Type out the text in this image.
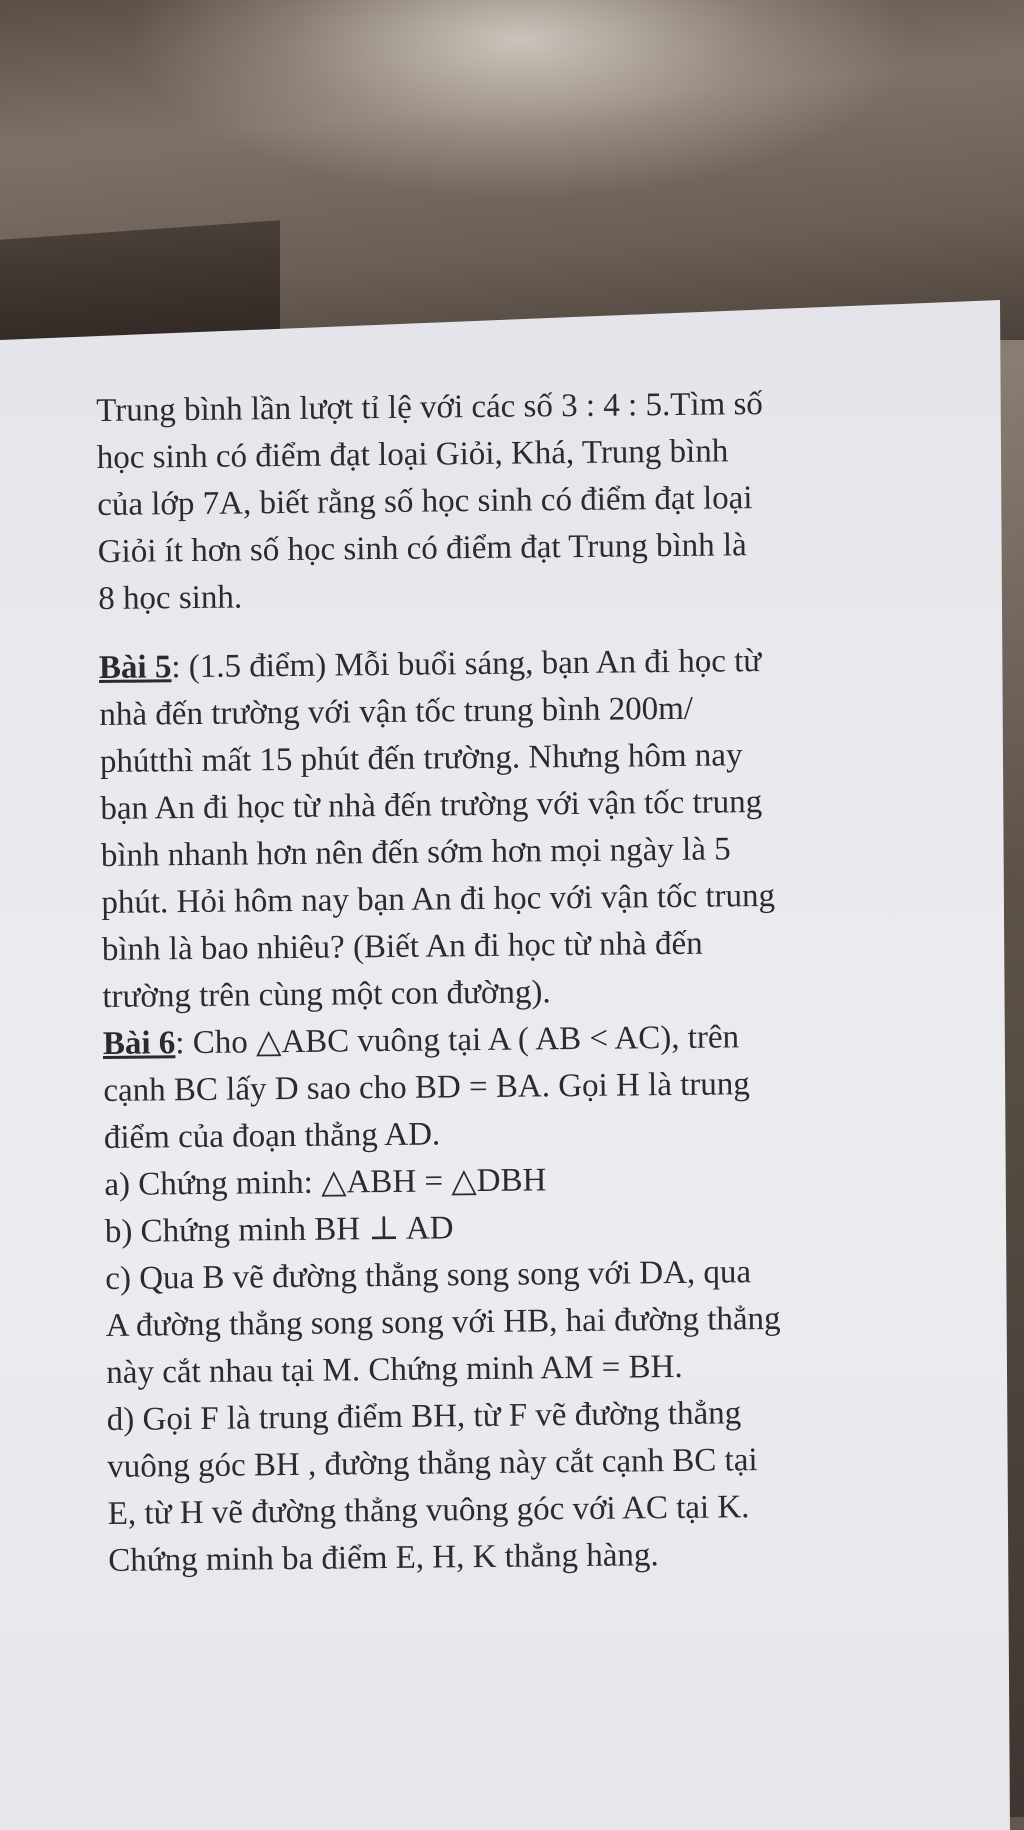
Trung bình lần lượt tỉ lệ với các số 3 : 4 : 5.Tìm số
học sinh có điểm đạt loại Giỏi, Khá, Trung bình
của lớp 7A, biết rằng số học sinh có điểm đạt loại
Giỏi ít hơn số học sinh có điểm đạt Trung bình là
8 học sinh.
Bài 5: (1.5 điểm) Mỗi buổi sáng, bạn An đi học từ
nhà đến trường với vận tốc trung bình 200m/
phútthì mất 15 phút đến trường. Nhưng hôm nay
bạn An đi học từ nhà đến trường với vận tốc trung
bình nhanh hơn nên đến sớm hơn mọi ngày là 5
phút. Hỏi hôm nay bạn An đi học với vận tốc trung
bình là bao nhiêu? (Biết An đi học từ nhà đến
trường trên cùng một con đường).
Bài 6: Cho △ABC vuông tại A ( AB < AC), trên
cạnh BC lấy D sao cho BD = BA. Gọi H là trung
điểm của đoạn thẳng AD.
a) Chứng minh: △ABH = △DBH
b) Chứng minh BH ⊥ AD
c) Qua B vẽ đường thẳng song song với DA, qua
A đường thẳng song song với HB, hai đường thẳng
này cắt nhau tại M. Chứng minh AM = BH.
d) Gọi F là trung điểm BH, từ F vẽ đường thẳng
vuông góc BH , đường thẳng này cắt cạnh BC tại
E, từ H vẽ đường thẳng vuông góc với AC tại K.
Chứng minh ba điểm E, H, K thẳng hàng.
